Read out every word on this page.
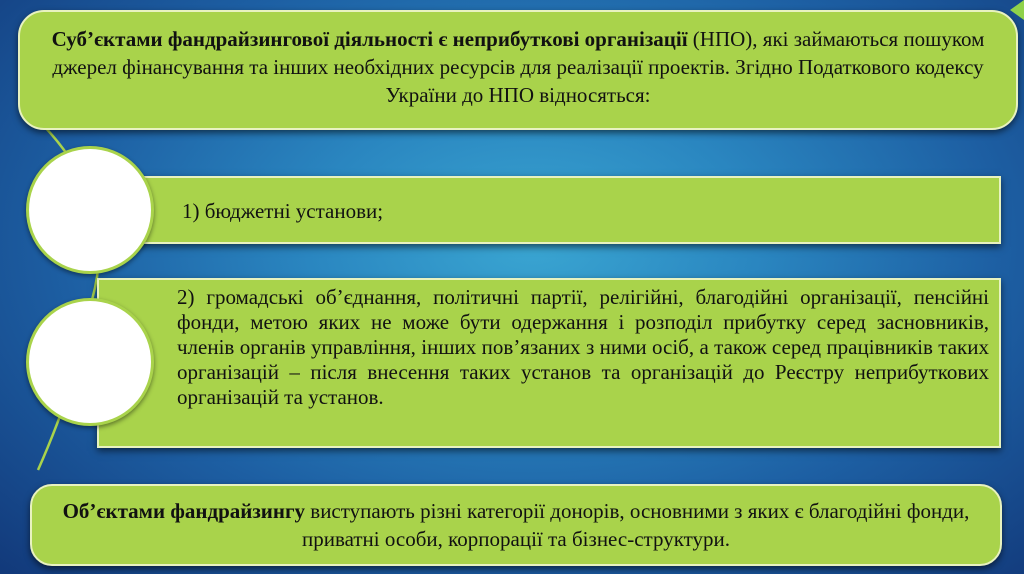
Суб’єктами фандрайзингової діяльності є неприбуткові організації (НПО), які займаються пошуком джерел фінансування та інших необхідних ресурсів для реалізації проектів. Згідно Податкового кодексу України до НПО відносяться:
1) бюджетні установи;
2) громадські об’єднання, політичні партії, релігійні, благодійні організації, пенсійні фонди, метою яких не може бути одержання і розподіл прибутку серед засновників, членів органів управління, інших пов’язаних з ними осіб, а також серед працівників таких організацій – після внесення таких установ та організацій до Реєстру неприбуткових організацій та установ.
Об’єктами фандрайзингу виступають різні категорії донорів, основними з яких є благодійні фонди, приватні особи, корпорації та бізнес-структури.
